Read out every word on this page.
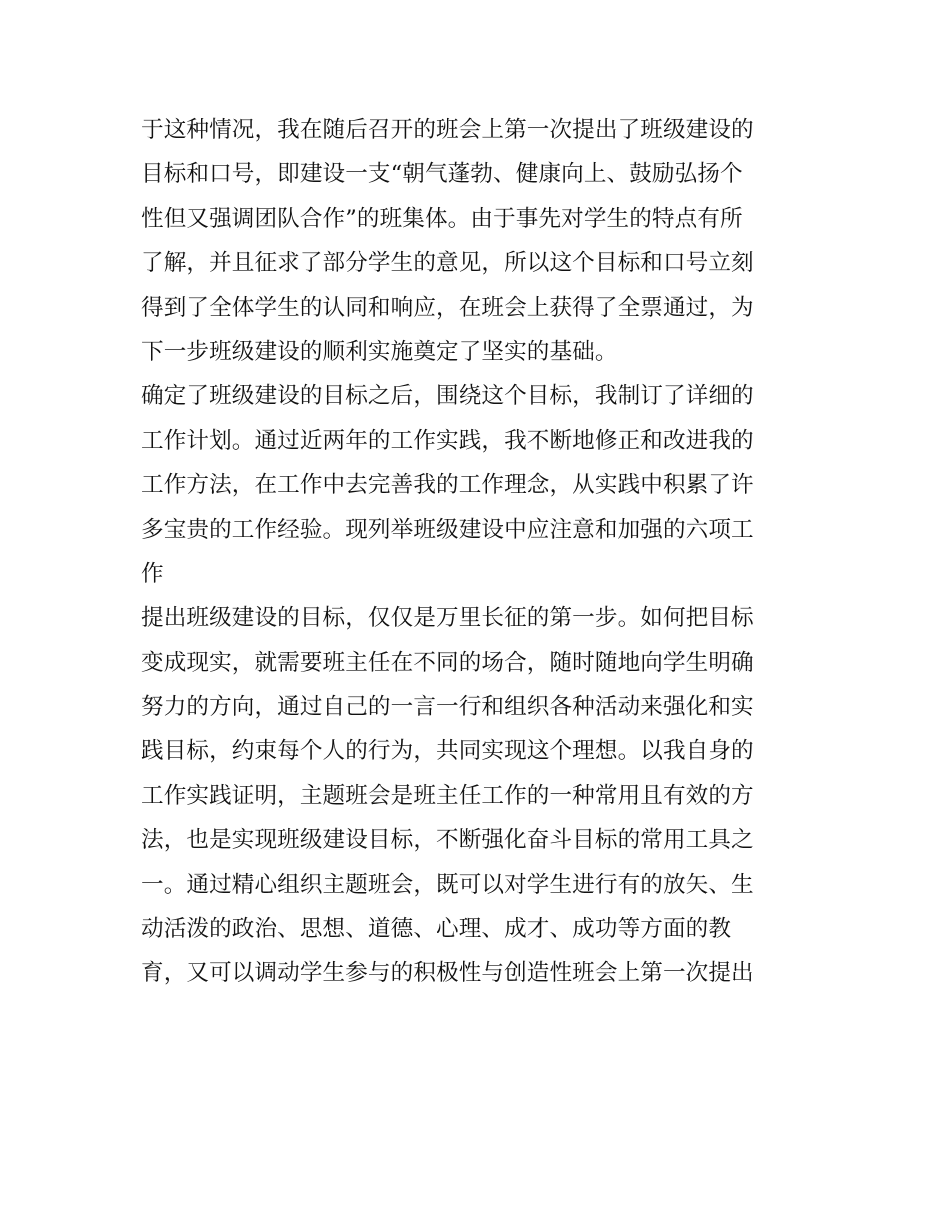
于这种情况，我在随后召开的班会上第一次提出了班级建设的
目标和口号，即建设一支“朝气蓬勃、健康向上、鼓励弘扬个
性但又强调团队合作”的班集体。由于事先对学生的特点有所
了解，并且征求了部分学生的意见，所以这个目标和口号立刻
得到了全体学生的认同和响应，在班会上获得了全票通过，为
下一步班级建设的顺利实施奠定了坚实的基础。
确定了班级建设的目标之后，围绕这个目标，我制订了详细的
工作计划。通过近两年的工作实践，我不断地修正和改进我的
工作方法，在工作中去完善我的工作理念，从实践中积累了许
多宝贵的工作经验。现列举班级建设中应注意和加强的六项工
作
提出班级建设的目标，仅仅是万里长征的第一步。如何把目标
变成现实，就需要班主任在不同的场合，随时随地向学生明确
努力的方向，通过自己的一言一行和组织各种活动来强化和实
践目标，约束每个人的行为，共同实现这个理想。以我自身的
工作实践证明，主题班会是班主任工作的一种常用且有效的方
法，也是实现班级建设目标，不断强化奋斗目标的常用工具之
一。通过精心组织主题班会，既可以对学生进行有的放矢、生
动活泼的政治、思想、道德、心理、成才、成功等方面的教
育，又可以调动学生参与的积极性与创造性班会上第一次提出
